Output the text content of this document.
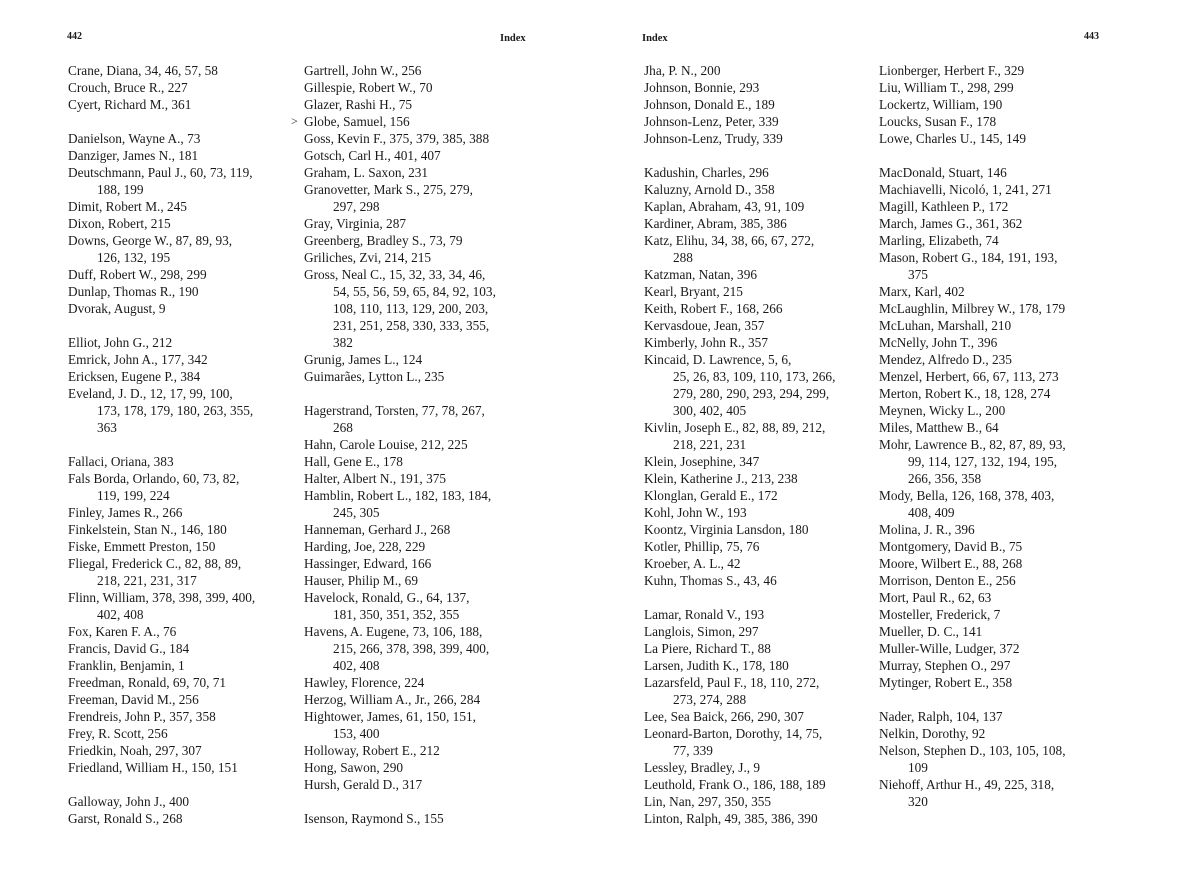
442	Index
Crane, Diana, 34, 46, 57, 58
Crouch, Bruce R., 227
Cyert, Richard M., 361
Danielson, Wayne A., 73
Danziger, James N., 181
Deutschmann, Paul J., 60, 73, 119,
188, 199
Dimit, Robert M., 245
Dixon, Robert, 215
Downs, George W., 87, 89, 93,
126, 132, 195
Duff, Robert W., 298, 299
Dunlap, Thomas R., 190
Dvorak, August, 9
Elliot, John G., 212
Emrick, John A., 177, 342
Ericksen, Eugene P., 384
Eveland, J. D., 12, 17, 99, 100,
173, 178, 179, 180, 263, 355,
363
Fallaci, Oriana, 383
Fals Borda, Orlando, 60, 73, 82,
119, 199, 224
Finley, James R., 266
Finkelstein, Stan N., 146, 180
Fiske, Emmett Preston, 150
Fliegal, Frederick C., 82, 88, 89,
218, 221, 231, 317
Flinn, William, 378, 398, 399, 400,
402, 408
Fox, Karen F. A., 76
Francis, David G., 184
Franklin, Benjamin, 1
Freedman, Ronald, 69, 70, 71
Freeman, David M., 256
Frendreis, John P., 357, 358
Frey, R. Scott, 256
Friedkin, Noah, 297, 307
Friedland, William H., 150, 151
Galloway, John J., 400
Garst, Ronald S., 268
Gartrell, John W., 256
Gillespie, Robert W., 70
Glazer, Rashi H., 75
> Globe, Samuel, 156
Goss, Kevin F., 375, 379, 385, 388
Gotsch, Carl H., 401, 407
Graham, L. Saxon, 231
Granovetter, Mark S., 275, 279,
297, 298
Gray, Virginia, 287
Greenberg, Bradley S., 73, 79
Griliches, Zvi, 214, 215
Gross, Neal C., 15, 32, 33, 34, 46,
54, 55, 56, 59, 65, 84, 92, 103,
108, 110, 113, 129, 200, 203,
231, 251, 258, 330, 333, 355,
382
Grunig, James L., 124
Guimarães, Lytton L., 235
Hagerstrand, Torsten, 77, 78, 267,
268
Hahn, Carole Louise, 212, 225
Hall, Gene E., 178
Halter, Albert N., 191, 375
Hamblin, Robert L., 182, 183, 184,
245, 305
Hanneman, Gerhard J., 268
Harding, Joe, 228, 229
Hassinger, Edward, 166
Hauser, Philip M., 69
Havelock, Ronald, G., 64, 137,
181, 350, 351, 352, 355
Havens, A. Eugene, 73, 106, 188,
215, 266, 378, 398, 399, 400,
402, 408
Hawley, Florence, 224
Herzog, William A., Jr., 266, 284
Hightower, James, 61, 150, 151,
153, 400
Holloway, Robert E., 212
Hong, Sawon, 290
Hursh, Gerald D., 317
Isenson, Raymond S., 155
Index	443
Jha, P. N., 200
Johnson, Bonnie, 293
Johnson, Donald E., 189
Johnson-Lenz, Peter, 339
Johnson-Lenz, Trudy, 339
Kadushin, Charles, 296
Kaluzny, Arnold D., 358
Kaplan, Abraham, 43, 91, 109
Kardiner, Abram, 385, 386
Katz, Elihu, 34, 38, 66, 67, 272,
288
Katzman, Natan, 396
Kearl, Bryant, 215
Keith, Robert F., 168, 266
Kervasdoue, Jean, 357
Kimberly, John R., 357
Kincaid, D. Lawrence, 5, 6,
25, 26, 83, 109, 110, 173, 266,
279, 280, 290, 293, 294, 299,
300, 402, 405
Kivlin, Joseph E., 82, 88, 89, 212,
218, 221, 231
Klein, Josephine, 347
Klein, Katherine J., 213, 238
Klonglan, Gerald E., 172
Kohl, John W., 193
Koontz, Virginia Lansdon, 180
Kotler, Phillip, 75, 76
Kroeber, A. L., 42
Kuhn, Thomas S., 43, 46
Lamar, Ronald V., 193
Langlois, Simon, 297
La Piere, Richard T., 88
Larsen, Judith K., 178, 180
Lazarsfeld, Paul F., 18, 110, 272,
273, 274, 288
Lee, Sea Baick, 266, 290, 307
Leonard-Barton, Dorothy, 14, 75,
77, 339
Lessley, Bradley, J., 9
Leuthold, Frank O., 186, 188, 189
Lin, Nan, 297, 350, 355
Linton, Ralph, 49, 385, 386, 390
Lionberger, Herbert F., 329
Liu, William T., 298, 299
Lockertz, William, 190
Loucks, Susan F., 178
Lowe, Charles U., 145, 149
MacDonald, Stuart, 146
Machiavelli, Nicoló, 1, 241, 271
Magill, Kathleen P., 172
March, James G., 361, 362
Marling, Elizabeth, 74
Mason, Robert G., 184, 191, 193,
375
Marx, Karl, 402
McLaughlin, Milbrey W., 178, 179
McLuhan, Marshall, 210
McNelly, John T., 396
Mendez, Alfredo D., 235
Menzel, Herbert, 66, 67, 113, 273
Merton, Robert K., 18, 128, 274
Meynen, Wicky L., 200
Miles, Matthew B., 64
Mohr, Lawrence B., 82, 87, 89, 93,
99, 114, 127, 132, 194, 195,
266, 356, 358
Mody, Bella, 126, 168, 378, 403,
408, 409
Molina, J. R., 396
Montgomery, David B., 75
Moore, Wilbert E., 88, 268
Morrison, Denton E., 256
Mort, Paul R., 62, 63
Mosteller, Frederick, 7
Mueller, D. C., 141
Muller-Wille, Ludger, 372
Murray, Stephen O., 297
Mytinger, Robert E., 358
Nader, Ralph, 104, 137
Nelkin, Dorothy, 92
Nelson, Stephen D., 103, 105, 108,
109
Niehoff, Arthur H., 49, 225, 318,
320
